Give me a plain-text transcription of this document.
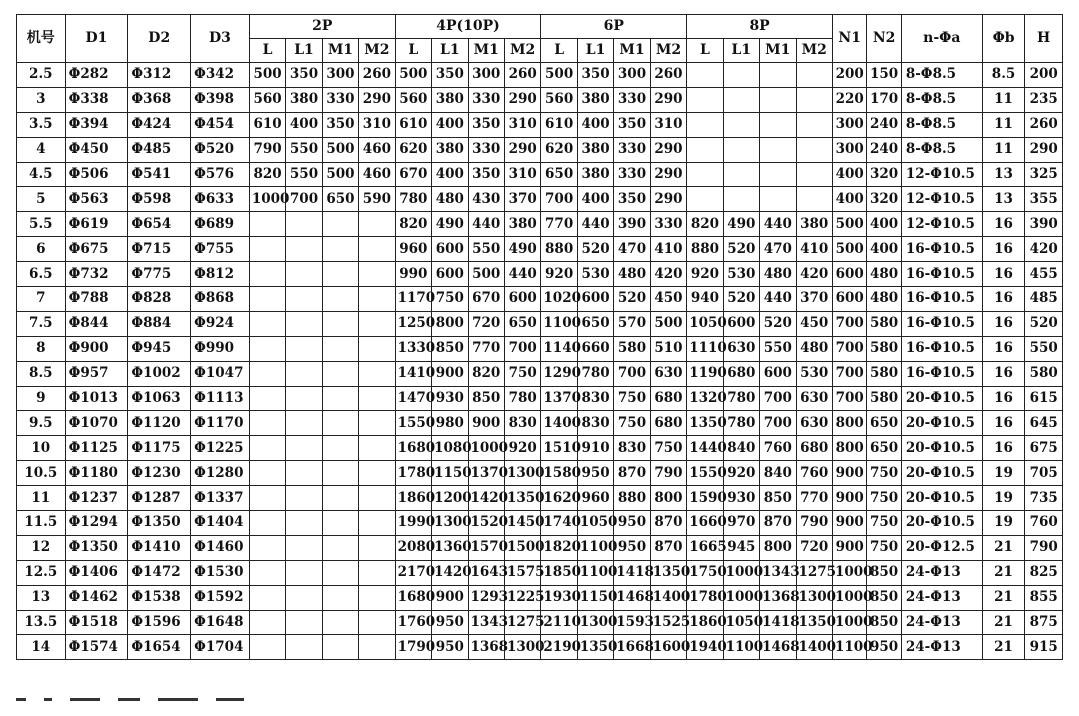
机号	D1	D2	D3	2P				4P(10P)				6P				8P				N1	N2	n-Φa	Φb	H
				L	L1	M1	M2	L	L1	M1	M2	L	L1	M1	M2	L	L1	M1	M2					
2.5	Φ282	Φ312	Φ342	500	350	300	260	500	350	300	260	500	350	300	260					200	150	8-Φ8.5	8.5	200
3	Φ338	Φ368	Φ398	560	380	330	290	560	380	330	290	560	380	330	290					220	170	8-Φ8.5	11	235
3.5	Φ394	Φ424	Φ454	610	400	350	310	610	400	350	310	610	400	350	310					300	240	8-Φ8.5	11	260
4	Φ450	Φ485	Φ520	790	550	500	460	620	380	330	290	620	380	330	290					300	240	8-Φ8.5	11	290
4.5	Φ506	Φ541	Φ576	820	550	500	460	670	400	350	310	650	380	330	290					400	320	12-Φ10.5	13	325
5	Φ563	Φ598	Φ633	1000	700	650	590	780	480	430	370	700	400	350	290					400	320	12-Φ10.5	13	355
5.5	Φ619	Φ654	Φ689					820	490	440	380	770	440	390	330	820	490	440	380	500	400	12-Φ10.5	16	390
6	Φ675	Φ715	Φ755					960	600	550	490	880	520	470	410	880	520	470	410	500	400	16-Φ10.5	16	420
6.5	Φ732	Φ775	Φ812					990	600	500	440	920	530	480	420	920	530	480	420	600	480	16-Φ10.5	16	455
7	Φ788	Φ828	Φ868					1170	750	670	600	1020	600	520	450	940	520	440	370	600	480	16-Φ10.5	16	485
7.5	Φ844	Φ884	Φ924					1250	800	720	650	1100	650	570	500	1050	600	520	450	700	580	16-Φ10.5	16	520
8	Φ900	Φ945	Φ990					1330	850	770	700	1140	660	580	510	1110	630	550	480	700	580	16-Φ10.5	16	550
8.5	Φ957	Φ1002	Φ1047					1410	900	820	750	1290	780	700	630	1190	680	600	530	700	580	16-Φ10.5	16	580
9	Φ1013	Φ1063	Φ1113					1470	930	850	780	1370	830	750	680	1320	780	700	630	700	580	20-Φ10.5	16	615
9.5	Φ1070	Φ1120	Φ1170					1550	980	900	830	1400	830	750	680	1350	780	700	630	800	650	20-Φ10.5	16	645
10	Φ1125	Φ1175	Φ1225					1680	1080	1000	920	1510	910	830	750	1440	840	760	680	800	650	20-Φ10.5	16	675
10.5	Φ1180	Φ1230	Φ1280					1780	1150	1370	1300	1580	950	870	790	1550	920	840	760	900	750	20-Φ10.5	19	705
11	Φ1237	Φ1287	Φ1337					1860	1200	1420	1350	1620	960	880	800	1590	930	850	770	900	750	20-Φ10.5	19	735
11.5	Φ1294	Φ1350	Φ1404					1990	1300	1520	1450	1740	1050	950	870	1660	970	870	790	900	750	20-Φ10.5	19	760
12	Φ1350	Φ1410	Φ1460					2080	1360	1570	1500	1820	1100	950	870	1665	945	800	720	900	750	20-Φ12.5	21	790
12.5	Φ1406	Φ1472	Φ1530					2170	1420	1643	1575	1850	1100	1418	1350	1750	1000	1343	1275	1000	850	24-Φ13	21	825
13	Φ1462	Φ1538	Φ1592					1680	900	1293	1225	1930	1150	1468	1400	1780	1000	1368	1300	1000	850	24-Φ13	21	855
13.5	Φ1518	Φ1596	Φ1648					1760	950	1343	1275	2110	1300	1593	1525	1860	1050	1418	1350	1000	850	24-Φ13	21	875
14	Φ1574	Φ1654	Φ1704					1790	950	1368	1300	2190	1350	1668	1600	1940	1100	1468	1400	1100	950	24-Φ13	21	915
